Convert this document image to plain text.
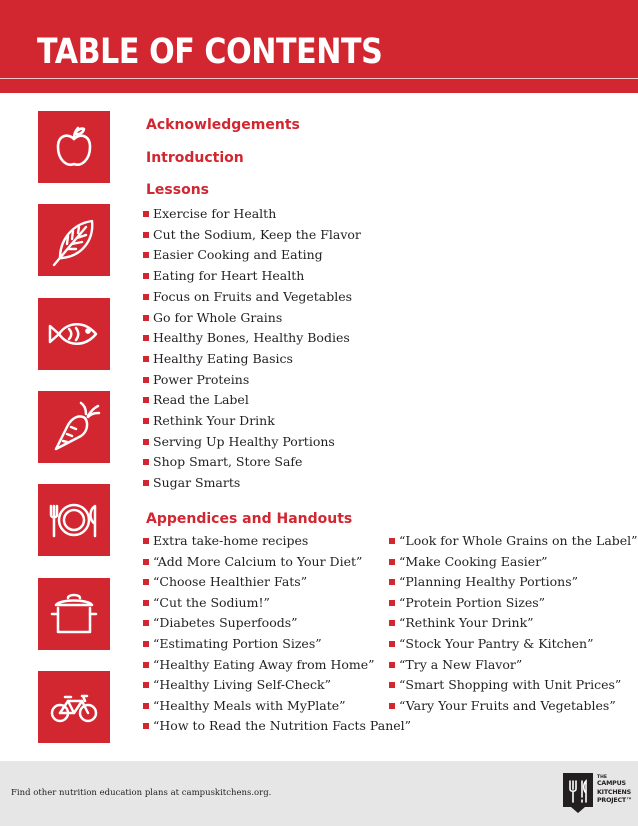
TABLE OF CONTENTS
Acknowledgements
Introduction
Lessons
Appendices and Handouts
Exercise for Health
Cut the Sodium, Keep the Flavor
Easier Cooking and Eating
Eating for Heart Health
Focus on Fruits and Vegetables
Go for Whole Grains
Healthy Bones, Healthy Bodies
Healthy Eating Basics
Power Proteins
Read the Label
Rethink Your Drink
Serving Up Healthy Portions
Shop Smart, Store Safe
Sugar Smarts
Extra take-home recipes
“Add More Calcium to Your Diet”
“Choose Healthier Fats”
“Cut the Sodium!”
“Diabetes Superfoods”
“Estimating Portion Sizes”
“Healthy Eating Away from Home”
“Healthy Living Self-Check”
“Healthy Meals with MyPlate”
“How to Read the Nutrition Facts Panel”
“Look for Whole Grains on the Label”
“Make Cooking Easier”
“Planning Healthy Portions”
“Protein Portion Sizes”
“Rethink Your Drink”
“Stock Your Pantry & Kitchen”
“Try a New Flavor”
“Smart Shopping with Unit Prices”
“Vary Your Fruits and Vegetables”
Find other nutrition education plans at campuskitchens.org.
THE
CAMPUS
KITCHENS
PROJECT™
